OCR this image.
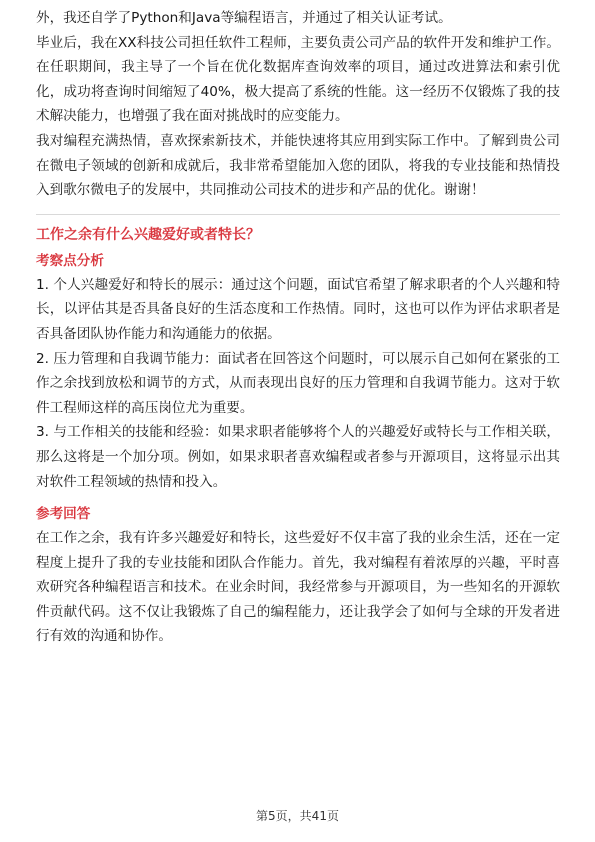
外，我还自学了Python和Java等编程语言，并通过了相关认证考试。

毕业后，我在XX科技公司担任软件工程师，主要负责公司产品的软件开发和维护工作。在任职期间，我主导了一个旨在优化数据库查询效率的项目，通过改进算法和索引优化，成功将查询时间缩短了40%，极大提高了系统的性能。这一经历不仅锻炼了我的技术解决能力，也增强了我在面对挑战时的应变能力。

我对编程充满热情，喜欢探索新技术，并能快速将其应用到实际工作中。了解到贵公司在微电子领域的创新和成就后，我非常希望能加入您的团队，将我的专业技能和热情投入到歌尔微电子的发展中，共同推动公司技术的进步和产品的优化。谢谢！

工作之余有什么兴趣爱好或者特长？

考察点分析

1. 个人兴趣爱好和特长的展示：通过这个问题，面试官希望了解求职者的个人兴趣和特长，以评估其是否具备良好的生活态度和工作热情。同时，这也可以作为评估求职者是否具备团队协作能力和沟通能力的依据。

2. 压力管理和自我调节能力：面试者在回答这个问题时，可以展示自己如何在紧张的工作之余找到放松和调节的方式，从而表现出良好的压力管理和自我调节能力。这对于软件工程师这样的高压岗位尤为重要。

3. 与工作相关的技能和经验：如果求职者能够将个人的兴趣爱好或特长与工作相关联，那么这将是一个加分项。例如，如果求职者喜欢编程或者参与开源项目，这将显示出其对软件工程领域的热情和投入。

参考回答

在工作之余，我有许多兴趣爱好和特长，这些爱好不仅丰富了我的业余生活，还在一定程度上提升了我的专业技能和团队合作能力。首先，我对编程有着浓厚的兴趣，平时喜欢研究各种编程语言和技术。在业余时间，我经常参与开源项目，为一些知名的开源软件贡献代码。这不仅让我锻炼了自己的编程能力，还让我学会了如何与全球的开发者进行有效的沟通和协作。

第5页，共41页
